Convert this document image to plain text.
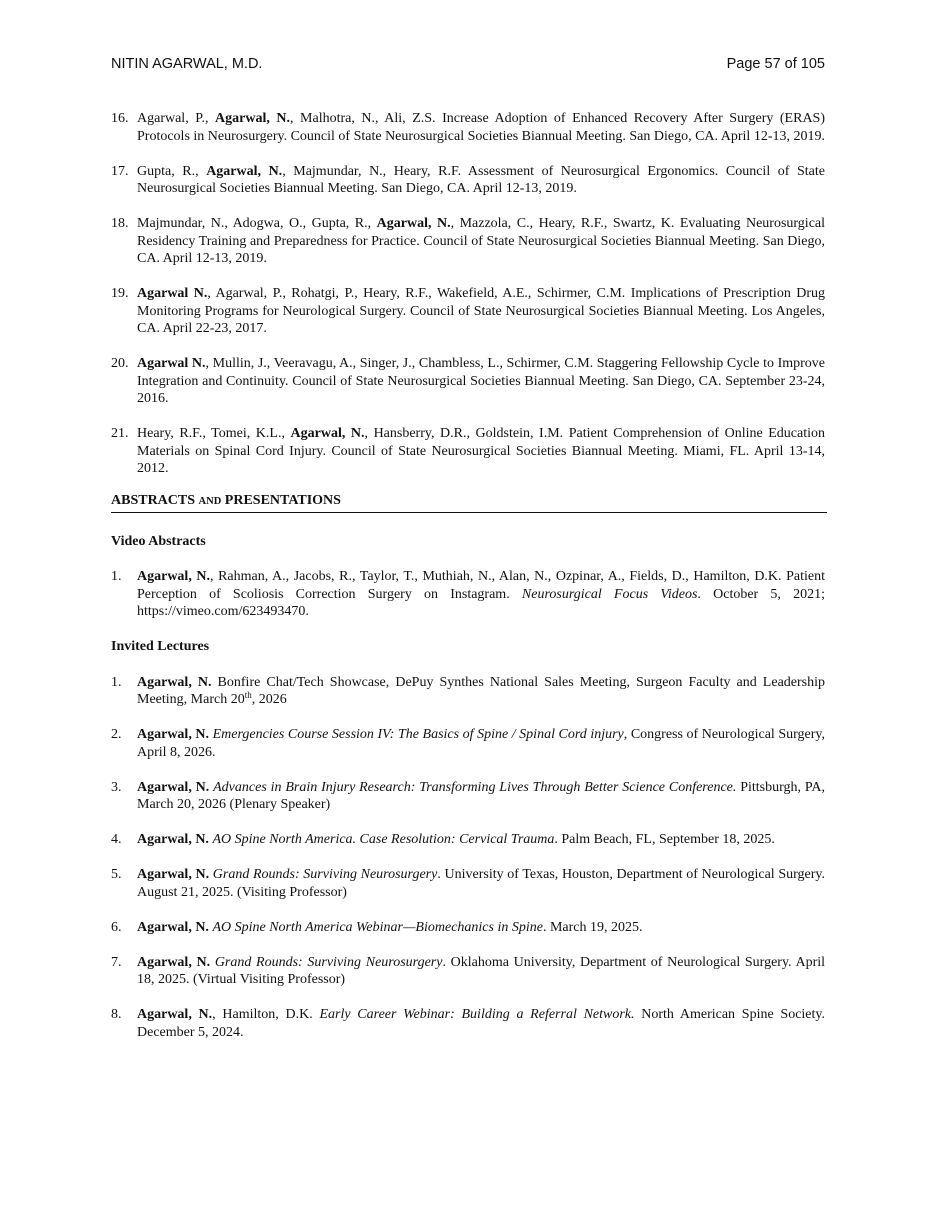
NITIN AGARWAL, M.D.	Page 57 of 105
16. Agarwal, P., Agarwal, N., Malhotra, N., Ali, Z.S. Increase Adoption of Enhanced Recovery After Surgery (ERAS) Protocols in Neurosurgery. Council of State Neurosurgical Societies Biannual Meeting. San Diego, CA. April 12-13, 2019.
17. Gupta, R., Agarwal, N., Majmundar, N., Heary, R.F. Assessment of Neurosurgical Ergonomics. Council of State Neurosurgical Societies Biannual Meeting. San Diego, CA. April 12-13, 2019.
18. Majmundar, N., Adogwa, O., Gupta, R., Agarwal, N., Mazzola, C., Heary, R.F., Swartz, K. Evaluating Neurosurgical Residency Training and Preparedness for Practice. Council of State Neurosurgical Societies Biannual Meeting. San Diego, CA. April 12-13, 2019.
19. Agarwal N., Agarwal, P., Rohatgi, P., Heary, R.F., Wakefield, A.E., Schirmer, C.M. Implications of Prescription Drug Monitoring Programs for Neurological Surgery. Council of State Neurosurgical Societies Biannual Meeting. Los Angeles, CA. April 22-23, 2017.
20. Agarwal N., Mullin, J., Veeravagu, A., Singer, J., Chambless, L., Schirmer, C.M. Staggering Fellowship Cycle to Improve Integration and Continuity. Council of State Neurosurgical Societies Biannual Meeting. San Diego, CA. September 23-24, 2016.
21. Heary, R.F., Tomei, K.L., Agarwal, N., Hansberry, D.R., Goldstein, I.M. Patient Comprehension of Online Education Materials on Spinal Cord Injury. Council of State Neurosurgical Societies Biannual Meeting. Miami, FL. April 13-14, 2012.
ABSTRACTS AND PRESENTATIONS
Video Abstracts
1.	Agarwal, N., Rahman, A., Jacobs, R., Taylor, T., Muthiah, N., Alan, N., Ozpinar, A., Fields, D., Hamilton, D.K. Patient Perception of Scoliosis Correction Surgery on Instagram. Neurosurgical Focus Videos. October 5, 2021; https://vimeo.com/623493470.
Invited Lectures
1.	Agarwal, N. Bonfire Chat/Tech Showcase, DePuy Synthes National Sales Meeting, Surgeon Faculty and Leadership Meeting, March 20th, 2026
2.	Agarwal, N. Emergencies Course Session IV: The Basics of Spine / Spinal Cord injury, Congress of Neurological Surgery, April 8, 2026.
3.	Agarwal, N. Advances in Brain Injury Research: Transforming Lives Through Better Science Conference. Pittsburgh, PA, March 20, 2026 (Plenary Speaker)
4.	Agarwal, N. AO Spine North America. Case Resolution: Cervical Trauma. Palm Beach, FL, September 18, 2025.
5.	Agarwal, N. Grand Rounds: Surviving Neurosurgery. University of Texas, Houston, Department of Neurological Surgery. August 21, 2025. (Visiting Professor)
6.	Agarwal, N. AO Spine North America Webinar—Biomechanics in Spine. March 19, 2025.
7.	Agarwal, N. Grand Rounds: Surviving Neurosurgery. Oklahoma University, Department of Neurological Surgery. April 18, 2025. (Virtual Visiting Professor)
8.	Agarwal, N., Hamilton, D.K. Early Career Webinar: Building a Referral Network. North American Spine Society. December 5, 2024.
